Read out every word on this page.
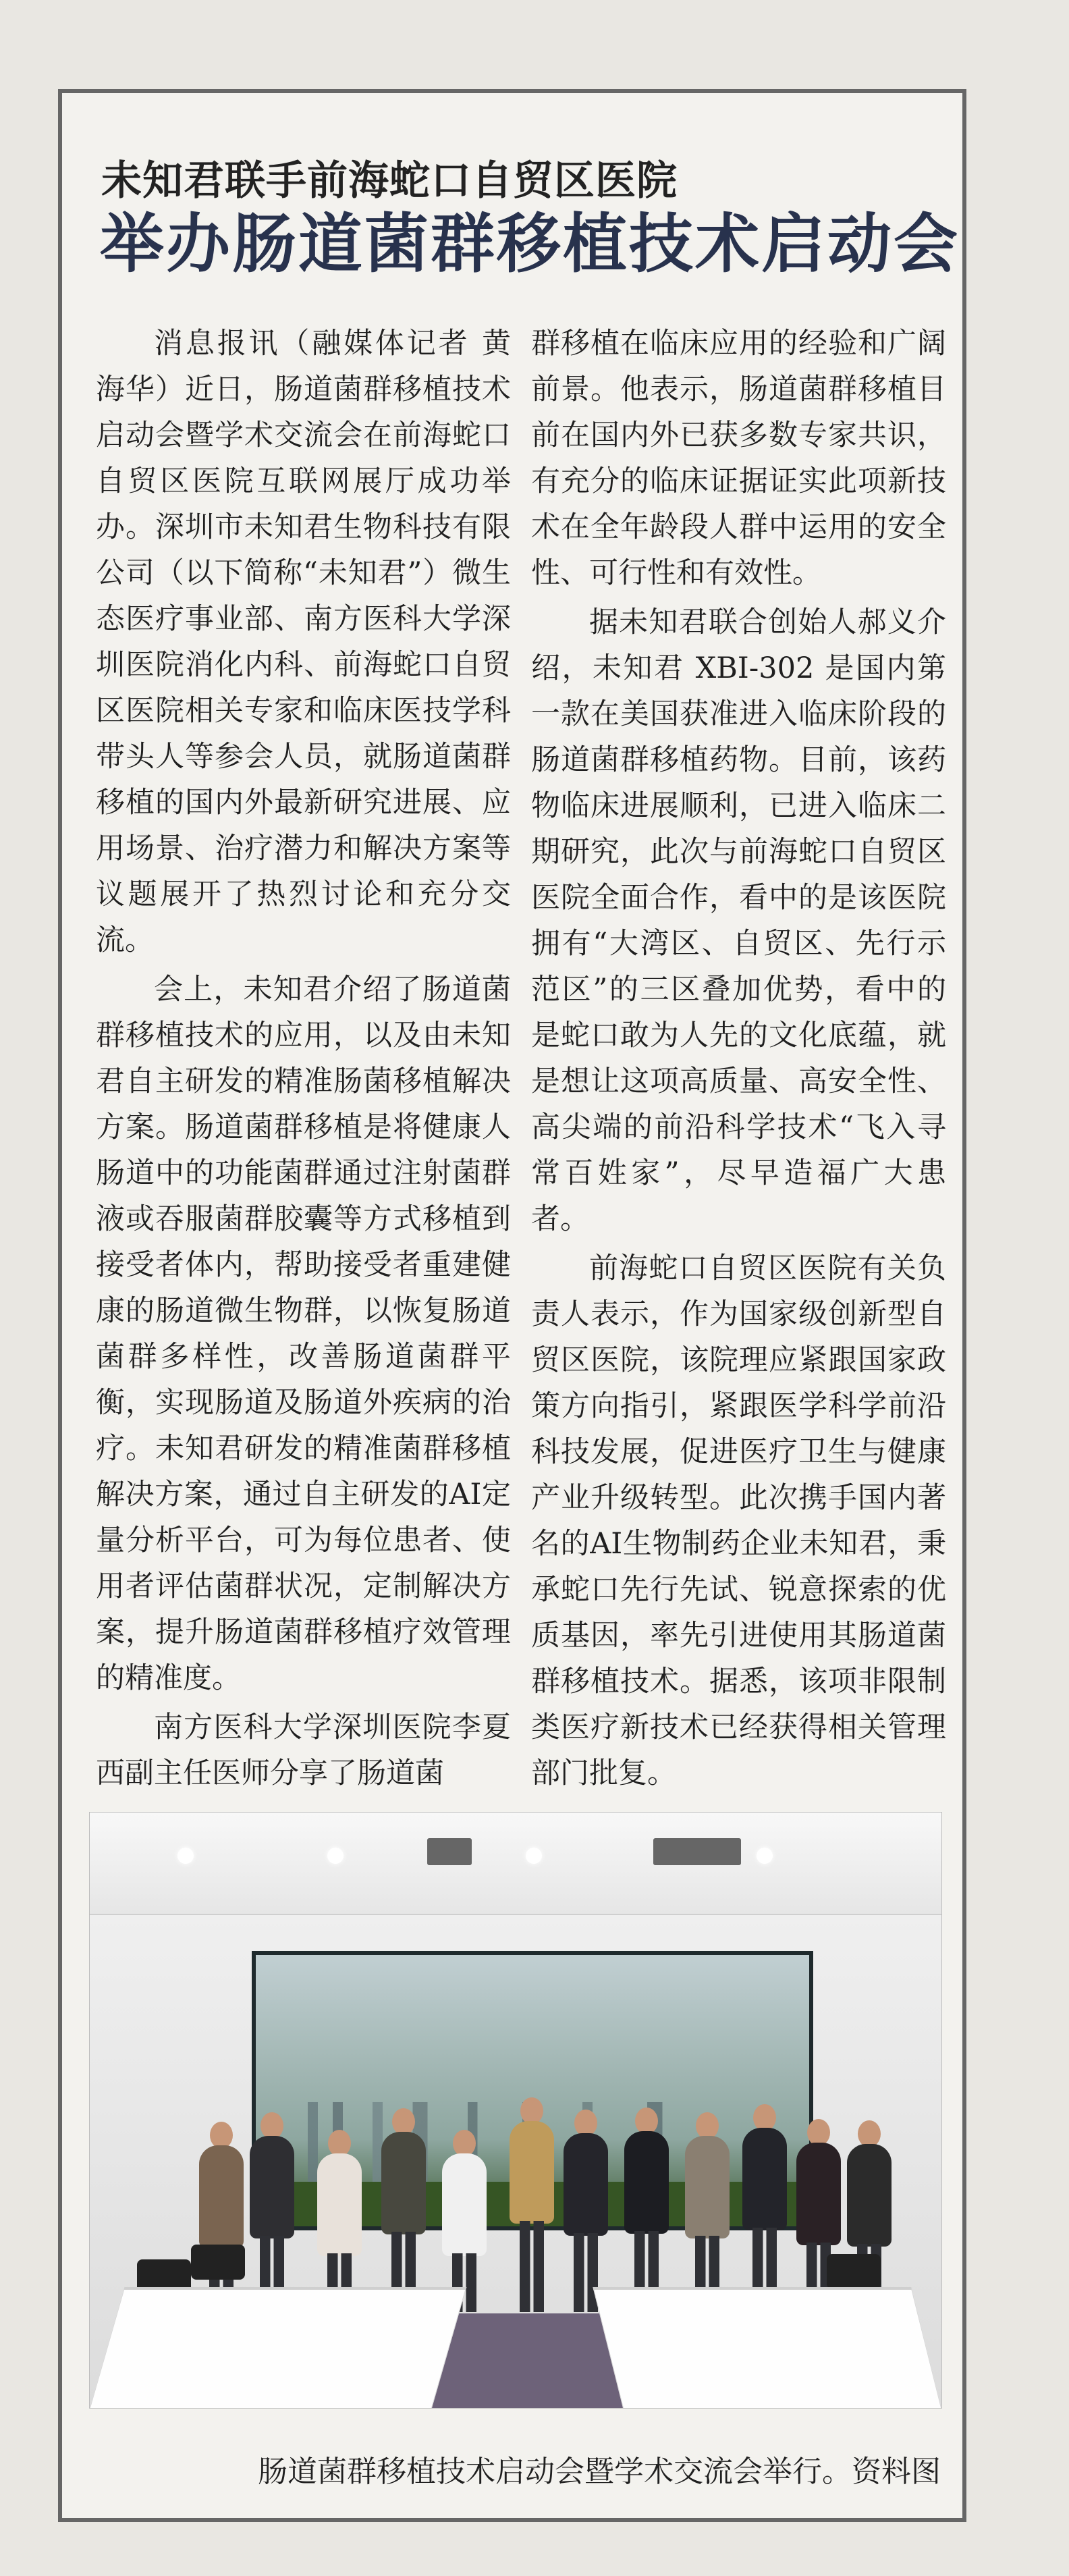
未知君联手前海蛇口自贸区医院
举办肠道菌群移植技术启动会

消息报讯（融媒体记者 黄海华）近日，肠道菌群移植技术启动会暨学术交流会在前海蛇口自贸区医院互联网展厅成功举办。深圳市未知君生物科技有限公司（以下简称“未知君”）微生态医疗事业部、南方医科大学深圳医院消化内科、前海蛇口自贸区医院相关专家和临床医技学科带头人等参会人员，就肠道菌群移植的国内外最新研究进展、应用场景、治疗潜力和解决方案等议题展开了热烈讨论和充分交流。

会上，未知君介绍了肠道菌群移植技术的应用，以及由未知君自主研发的精准肠菌移植解决方案。肠道菌群移植是将健康人肠道中的功能菌群通过注射菌群液或吞服菌群胶囊等方式移植到接受者体内，帮助接受者重建健康的肠道微生物群，以恢复肠道菌群多样性，改善肠道菌群平衡，实现肠道及肠道外疾病的治疗。未知君研发的精准菌群移植解决方案，通过自主研发的AI定量分析平台，可为每位患者、使用者评估菌群状况，定制解决方案，提升肠道菌群移植疗效管理的精准度。

南方医科大学深圳医院李夏西副主任医师分享了肠道菌

群移植在临床应用的经验和广阔前景。他表示，肠道菌群移植目前在国内外已获多数专家共识，有充分的临床证据证实此项新技术在全年龄段人群中运用的安全性、可行性和有效性。

据未知君联合创始人郝义介绍，未知君 XBI-302 是国内第一款在美国获准进入临床阶段的肠道菌群移植药物。目前，该药物临床进展顺利，已进入临床二期研究，此次与前海蛇口自贸区医院全面合作，看中的是该医院拥有“大湾区、自贸区、先行示范区”的三区叠加优势，看中的是蛇口敢为人先的文化底蕴，就是想让这项高质量、高安全性、高尖端的前沿科学技术“飞入寻常百姓家”，尽早造福广大患者。

前海蛇口自贸区医院有关负责人表示，作为国家级创新型自贸区医院，该院理应紧跟国家政策方向指引，紧跟医学科学前沿科技发展，促进医疗卫生与健康产业升级转型。此次携手国内著名的AI生物制药企业未知君，秉承蛇口先行先试、锐意探索的优质基因，率先引进使用其肠道菌群移植技术。据悉，该项非限制类医疗新技术已经获得相关管理部门批复。

肠道菌群移植技术启动会暨学术交流会举行。资料图
